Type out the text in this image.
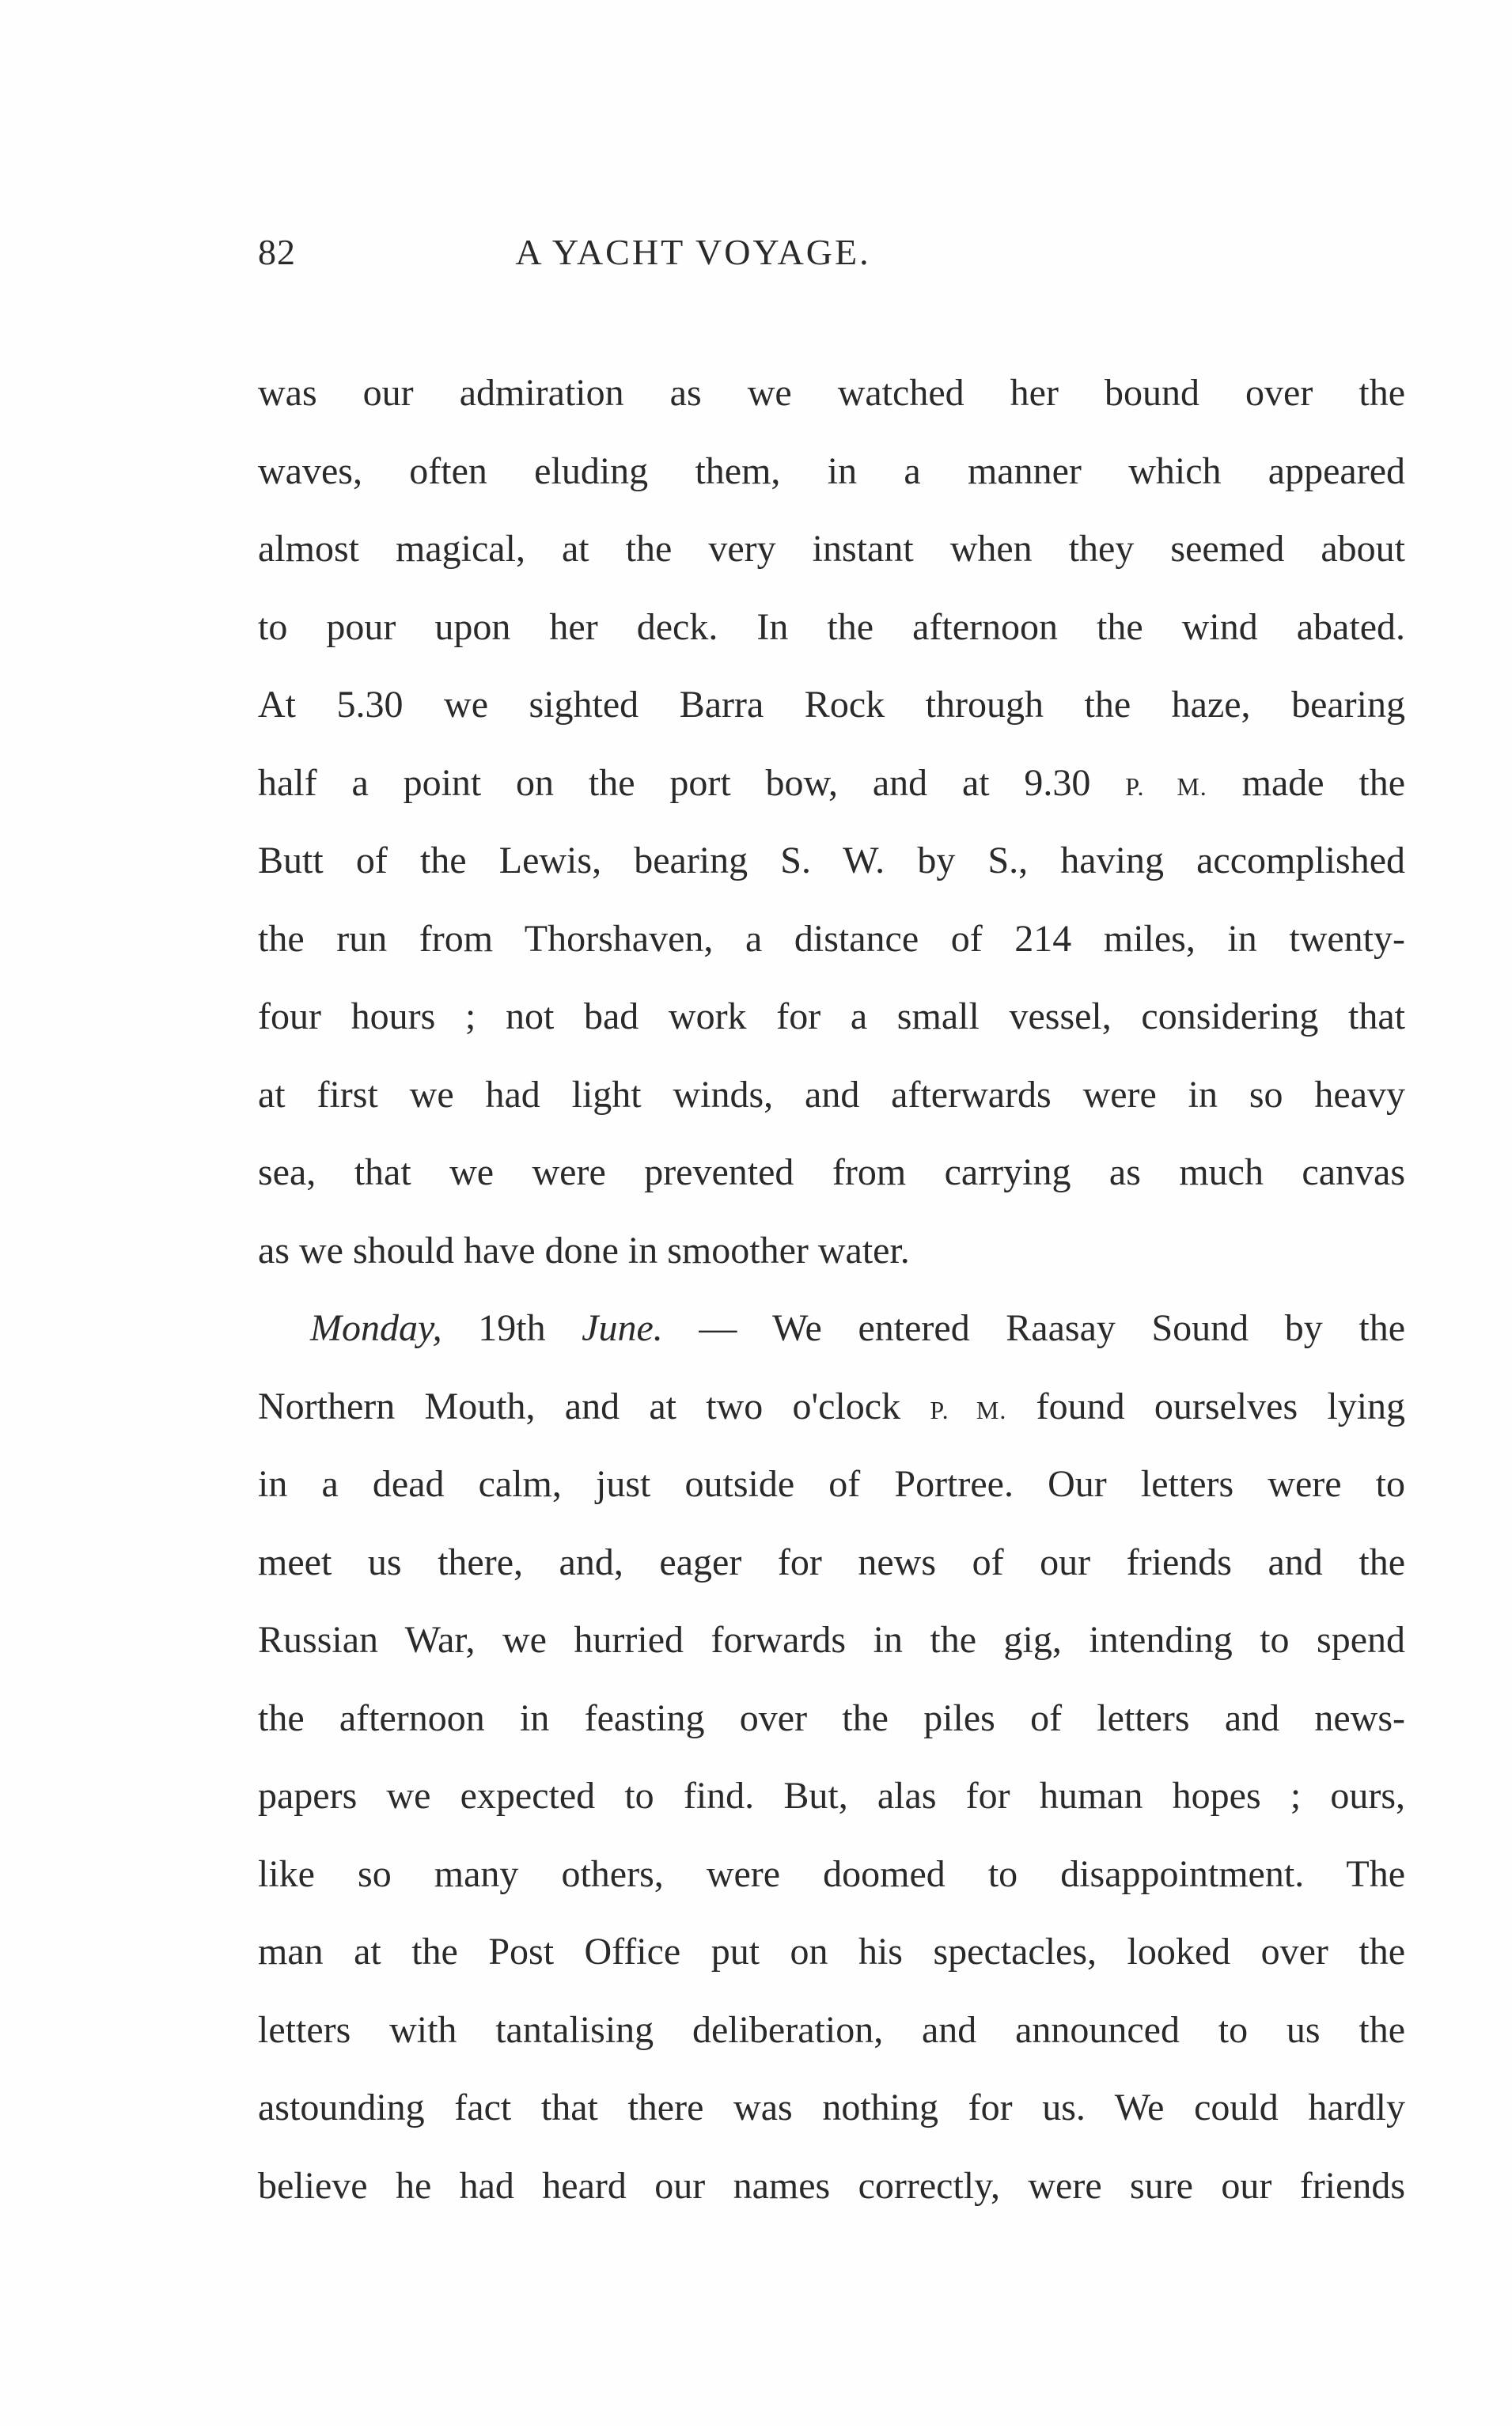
82	A YACHT VOYAGE.
was our admiration as we watched her bound over the
waves, often eluding them, in a manner which appeared
almost magical, at the very instant when they seemed about
to pour upon her deck. In the afternoon the wind abated.
At 5.30 we sighted Barra Rock through the haze, bearing
half a point on the port bow, and at 9.30 P. M. made the
Butt of the Lewis, bearing S. W. by S., having accomplished
the run from Thorshaven, a distance of 214 miles, in twenty-
four hours ; not bad work for a small vessel, considering that
at first we had light winds, and afterwards were in so heavy
sea, that we were prevented from carrying as much canvas
as we should have done in smoother water.
Monday, 19th June. — We entered Raasay Sound by the
Northern Mouth, and at two o'clock P. M. found ourselves lying
in a dead calm, just outside of Portree. Our letters were to
meet us there, and, eager for news of our friends and the
Russian War, we hurried forwards in the gig, intending to spend
the afternoon in feasting over the piles of letters and news-
papers we expected to find. But, alas for human hopes ; ours,
like so many others, were doomed to disappointment. The
man at the Post Office put on his spectacles, looked over the
letters with tantalising deliberation, and announced to us the
astounding fact that there was nothing for us. We could hardly
believe he had heard our names correctly, were sure our friends
